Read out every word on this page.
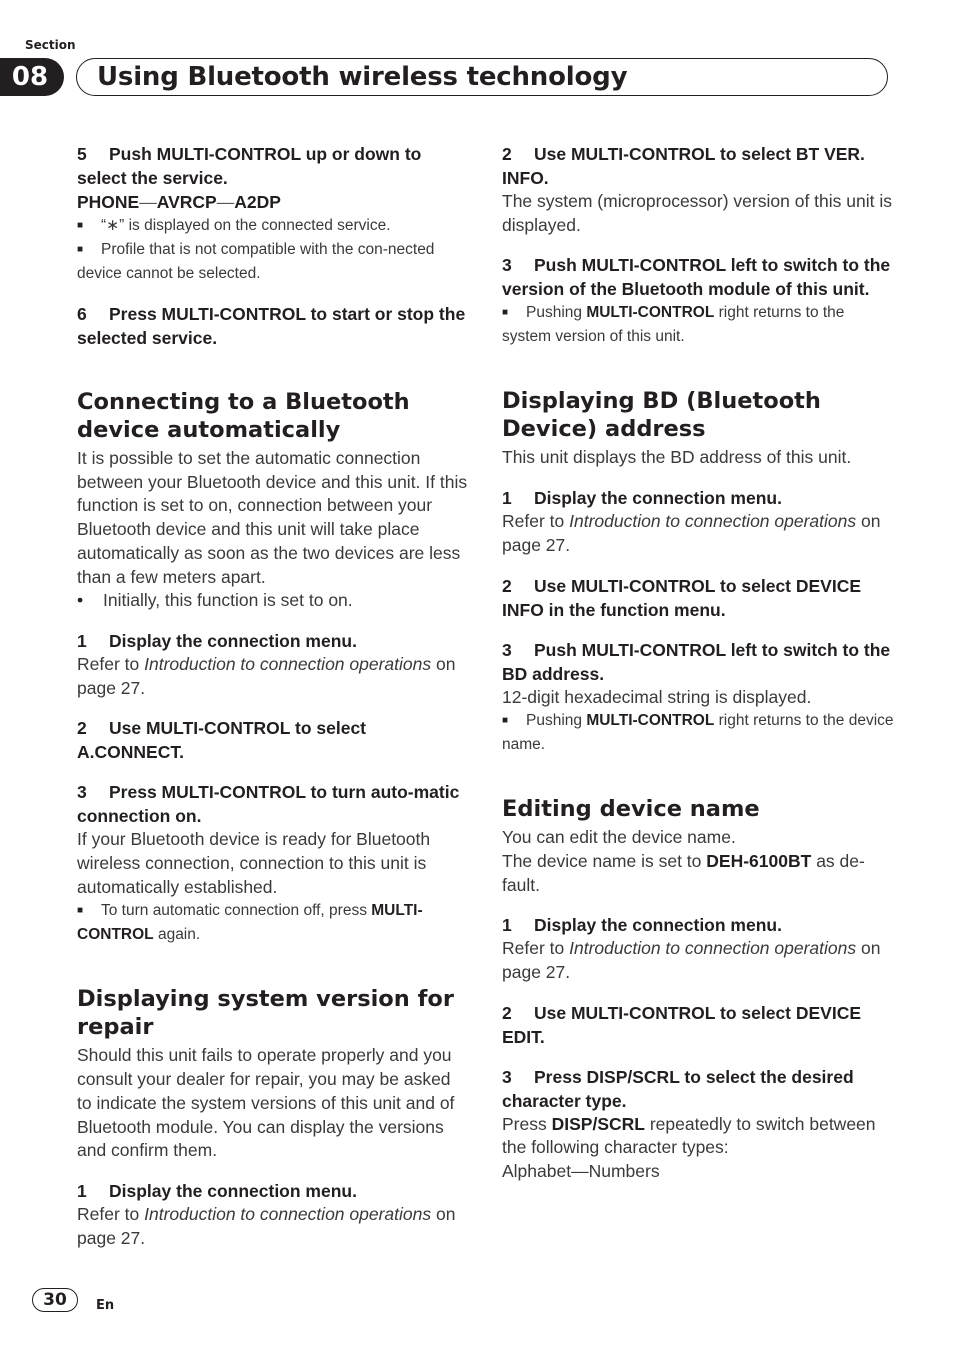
Section
08	Using Bluetooth wireless technology

5 Push MULTI-CONTROL up or down to select the service.

PHONE—AVRCP—A2DP

■ “∗” is displayed on the connected service.

■ Profile that is not compatible with the con-nected device cannot be selected.

6 Press MULTI-CONTROL to start or stop the selected service.

Connecting to a Bluetooth device automatically

It is possible to set the automatic connection between your Bluetooth device and this unit. If this function is set to on, connection between your Bluetooth device and this unit will take place automatically as soon as the two devices are less than a few meters apart.

• Initially, this function is set to on.

1 Display the connection menu.

Refer to Introduction to connection operations on page 27.

2 Use MULTI-CONTROL to select A.CONNECT.

3 Press MULTI-CONTROL to turn auto-matic connection on.

If your Bluetooth device is ready for Bluetooth wireless connection, connection to this unit is automatically established.

■ To turn automatic connection off, press MULTI-CONTROL again.

Displaying system version for repair

Should this unit fails to operate properly and you consult your dealer for repair, you may be asked to indicate the system versions of this unit and of Bluetooth module. You can display the versions and confirm them.

1 Display the connection menu.

Refer to Introduction to connection operations on page 27.

2 Use MULTI-CONTROL to select BT VER. INFO.

The system (microprocessor) version of this unit is displayed.

3 Push MULTI-CONTROL left to switch to the version of the Bluetooth module of this unit.

■ Pushing MULTI-CONTROL right returns to the system version of this unit.

Displaying BD (Bluetooth Device) address

This unit displays the BD address of this unit.

1 Display the connection menu.

Refer to Introduction to connection operations on page 27.

2 Use MULTI-CONTROL to select DEVICE INFO in the function menu.

3 Push MULTI-CONTROL left to switch to the BD address.

12-digit hexadecimal string is displayed.

■ Pushing MULTI-CONTROL right returns to the device name.

Editing device name

You can edit the device name.

The device name is set to DEH-6100BT as de-fault.

1 Display the connection menu.

Refer to Introduction to connection operations on page 27.

2 Use MULTI-CONTROL to select DEVICE EDIT.

3 Press DISP/SCRL to select the desired character type.

Press DISP/SCRL repeatedly to switch between the following character types:

Alphabet—Numbers

30	En
